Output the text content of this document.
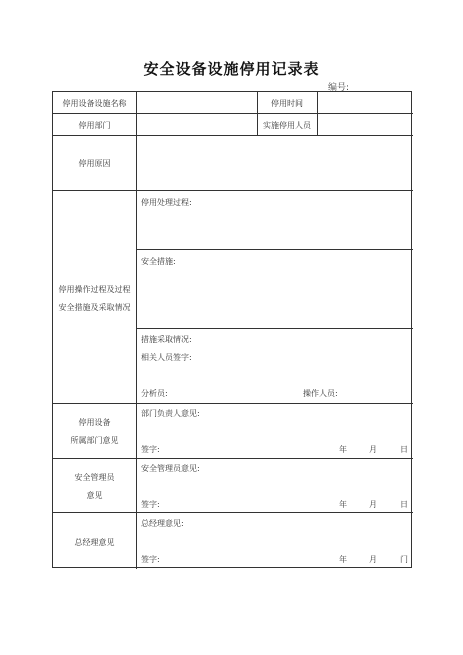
安全设备设施停用记录表
编号:
停用设备设施名称	停用时间
停用部门	实施停用人员
停用原因
停用操作过程及过程
安全措施及采取情况
停用处理过程:
安全措施:
措施采取情况:
相关人员签字:
分析员:	操作人员:
停用设备
所属部门意见
部门负责人意见:
签字:	年	月	日
安全管理员
意见
安全管理员意见:
签字:	年	月	日
总经理意见
总经理意见:
签字:	年	月	门
